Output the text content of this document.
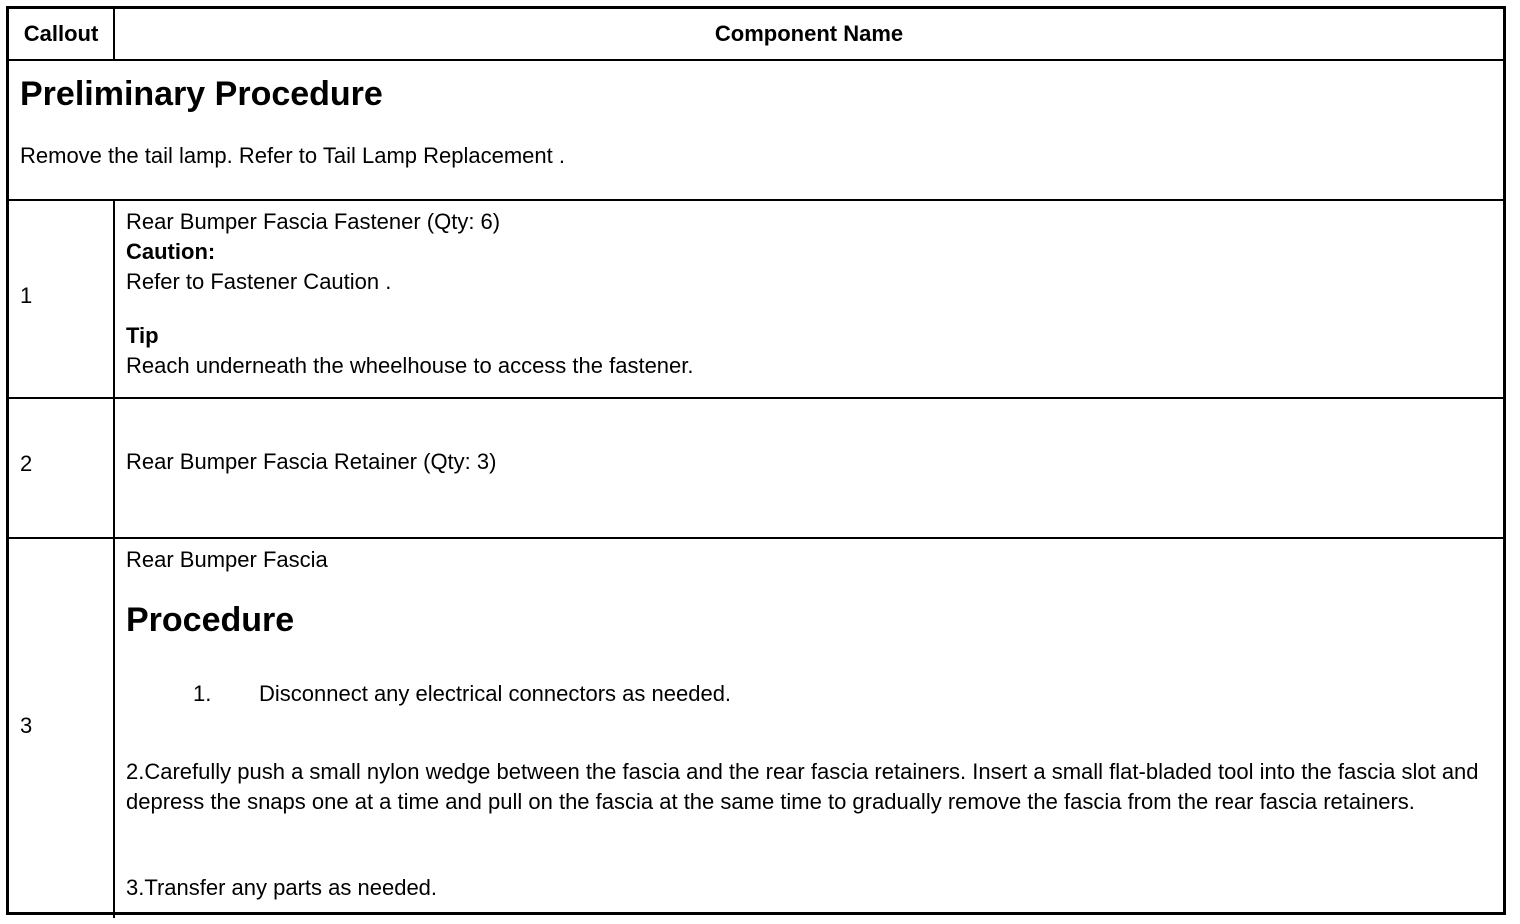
Callout	Component Name
Preliminary Procedure
Remove the tail lamp. Refer to Tail Lamp Replacement .
1
Rear Bumper Fascia Fastener (Qty: 6)
Caution:
Refer to Fastener Caution .
Tip
Reach underneath the wheelhouse to access the fastener.
2	Rear Bumper Fascia Retainer (Qty: 3)
3
Rear Bumper Fascia
Procedure
1. Disconnect any electrical connectors as needed.
2.Carefully push a small nylon wedge between the fascia and the rear fascia retainers. Insert a small flat-bladed tool into the fascia slot and depress the snaps one at a time and pull on the fascia at the same time to gradually remove the fascia from the rear fascia retainers.
3.Transfer any parts as needed.
